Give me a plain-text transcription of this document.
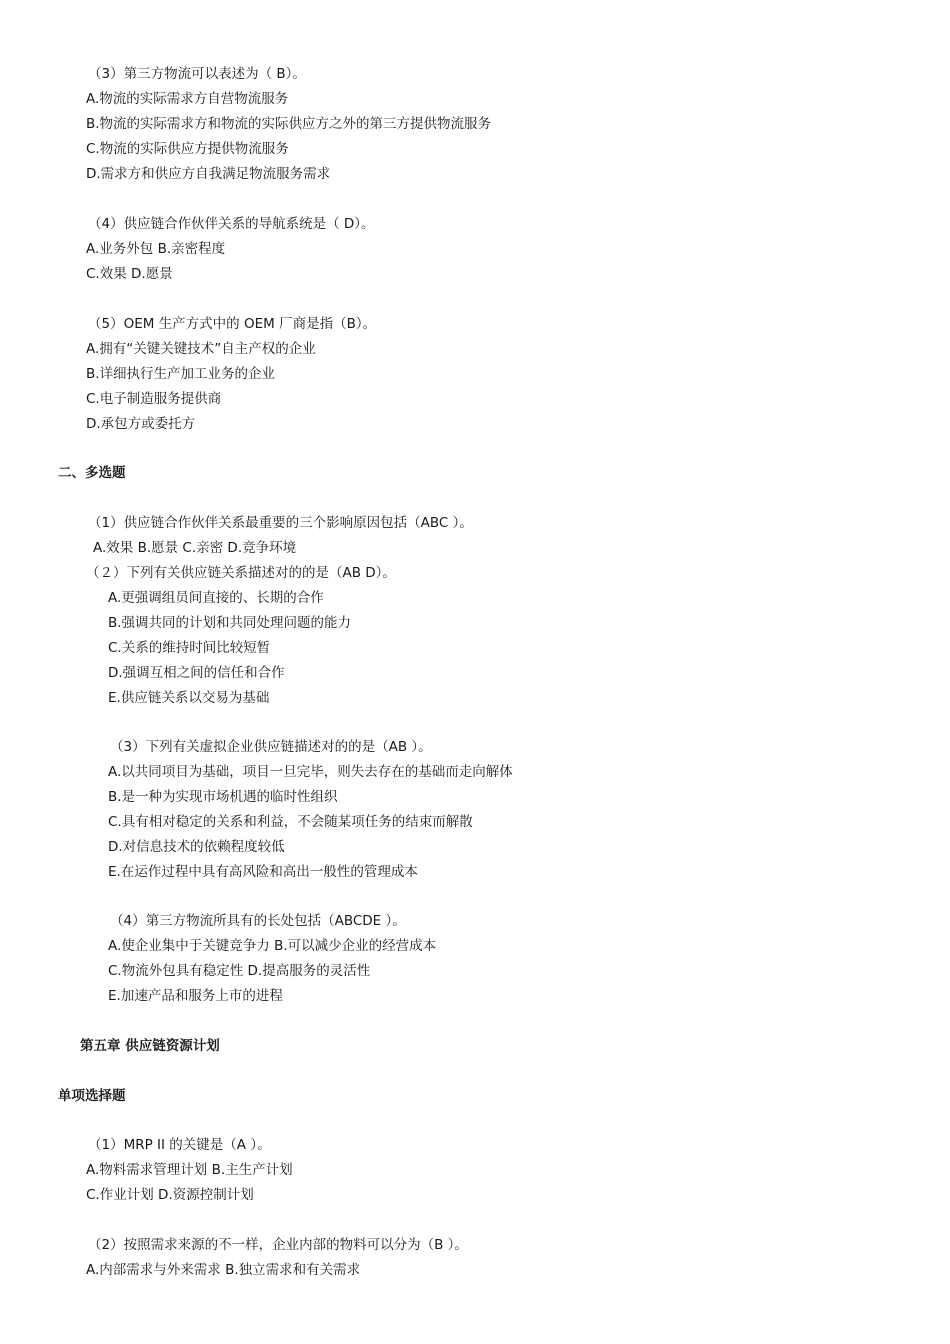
（3）第三方物流可以表述为（ B）。
A.物流的实际需求方自营物流服务
B.物流的实际需求方和物流的实际供应方之外的第三方提供物流服务
C.物流的实际供应方提供物流服务
D.需求方和供应方自我满足物流服务需求
（4）供应链合作伙伴关系的导航系统是（ D）。
A.业务外包 B.亲密程度
C.效果 D.愿景
（5）OEM 生产方式中的 OEM 厂商是指（B）。
A.拥有“关键关键技术”自主产权的企业
B.详细执行生产加工业务的企业
C.电子制造服务提供商
D.承包方或委托方
二、多选题
（1）供应链合作伙伴关系最重要的三个影响原因包括（ABC ）。
A.效果 B.愿景 C.亲密 D.竞争环境
（２）下列有关供应链关系描述对的的是（AB D）。
A.更强调组员间直接的、长期的合作
B.强调共同的计划和共同处理问题的能力
C.关系的维持时间比较短暂
D.强调互相之间的信任和合作
E.供应链关系以交易为基础
（3）下列有关虚拟企业供应链描述对的的是（AB ）。
A.以共同项目为基础，项目一旦完毕，则失去存在的基础而走向解体
B.是一种为实现市场机遇的临时性组织
C.具有相对稳定的关系和利益，不会随某项任务的结束而解散
D.对信息技术的依赖程度较低
E.在运作过程中具有高风险和高出一般性的管理成本
（4）第三方物流所具有的长处包括（ABCDE ）。
A.使企业集中于关键竞争力 B.可以减少企业的经营成本
C.物流外包具有稳定性 D.提高服务的灵活性
E.加速产品和服务上市的进程
第五章 供应链资源计划
单项选择题
（1）MRP II 的关键是（A ）。
A.物料需求管理计划 B.主生产计划
C.作业计划 D.资源控制计划
（2）按照需求来源的不一样，企业内部的物料可以分为（B ）。
A.内部需求与外来需求 B.独立需求和有关需求
